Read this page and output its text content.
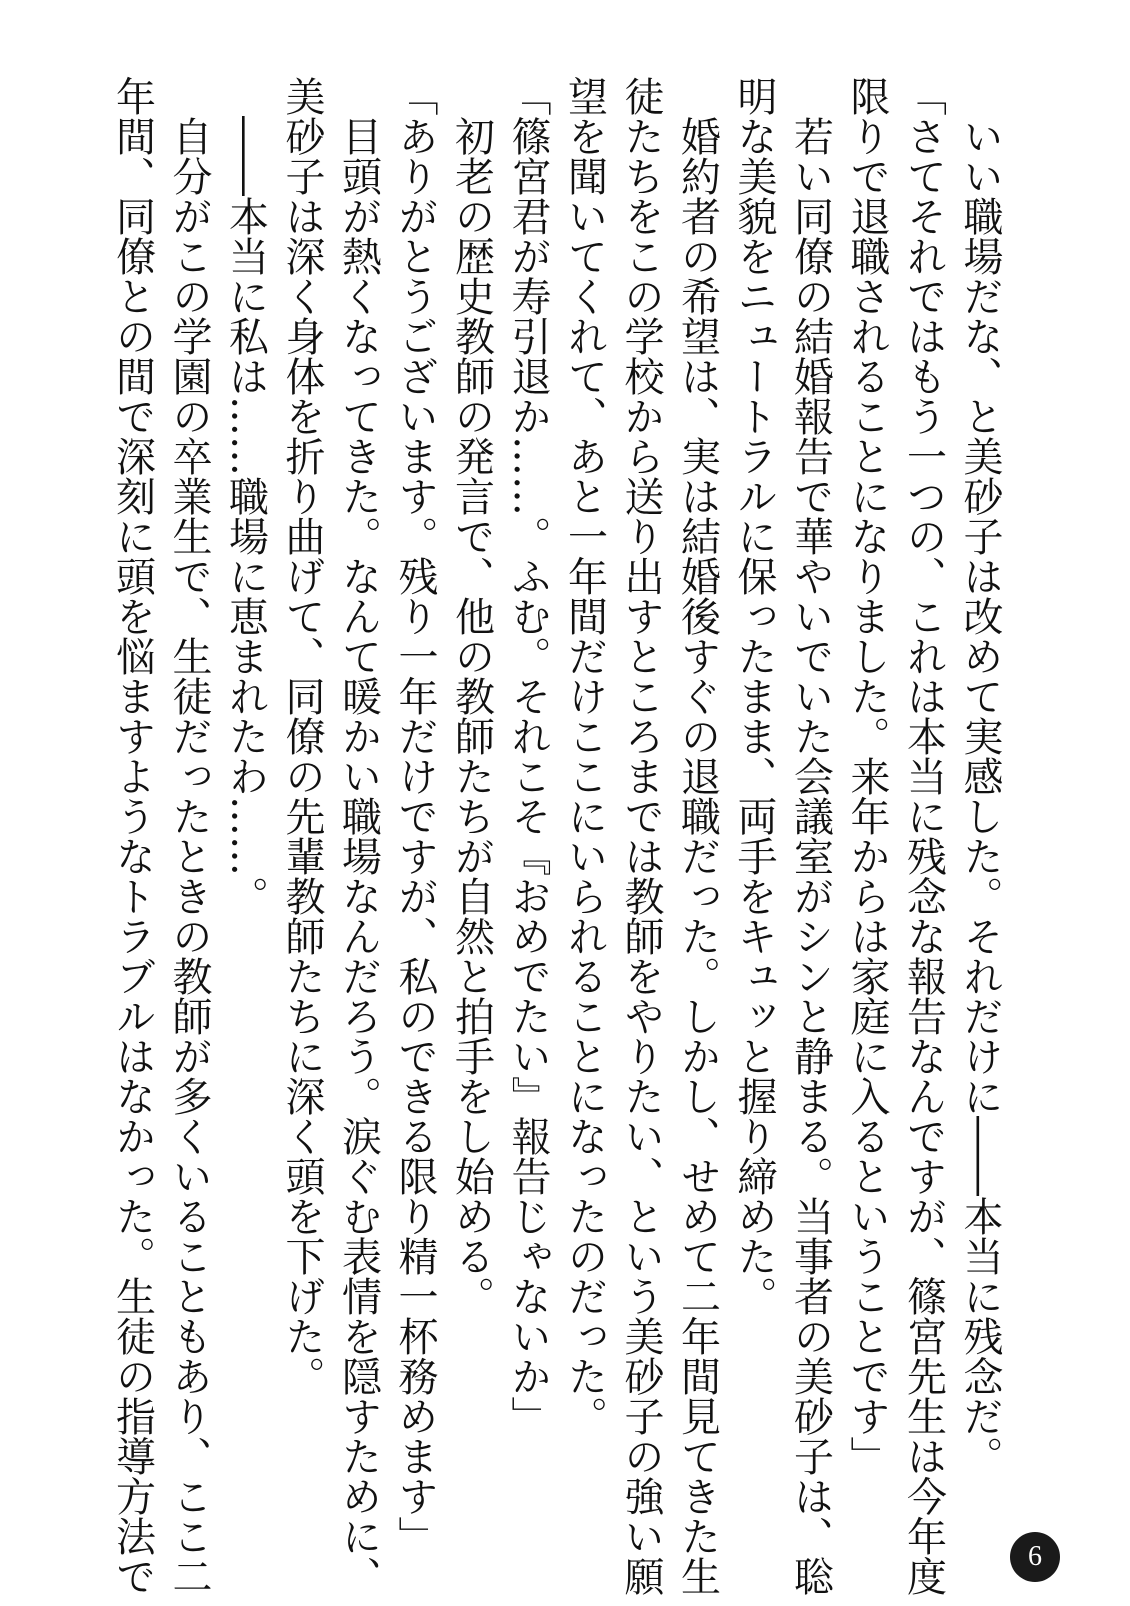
　いい職場だな、と美砂子は改めて実感した。それだけに――本当に残念だ。
「さてそれではもう一つの、これは本当に残念な報告なんですが、篠宮先生は今年度
限りで退職されることになりました。来年からは家庭に入るということです」
　若い同僚の結婚報告で華やいでいた会議室がシンと静まる。当事者の美砂子は、聡
明な美貌をニュートラルに保ったまま、両手をキュッと握り締めた。
　婚約者の希望は、実は結婚後すぐの退職だった。しかし、せめて二年間見てきた生
徒たちをこの学校から送り出すところまでは教師をやりたい、という美砂子の強い願
望を聞いてくれて、あと一年間だけここにいられることになったのだった。
「篠宮君が寿引退か……。ふむ。それこそ『おめでたい』報告じゃないか」
　初老の歴史教師の発言で、他の教師たちが自然と拍手をし始める。
「ありがとうございます。残り一年だけですが、私のできる限り精一杯務めます」
　目頭が熱くなってきた。なんて暖かい職場なんだろう。涙ぐむ表情を隠すために、
美砂子は深く身体を折り曲げて、同僚の先輩教師たちに深く頭を下げた。
　――本当に私は……職場に恵まれたわ……。
　自分がこの学園の卒業生で、生徒だったときの教師が多くいることもあり、ここ二
年間、同僚との間で深刻に頭を悩ますようなトラブルはなかった。生徒の指導方法で	6
